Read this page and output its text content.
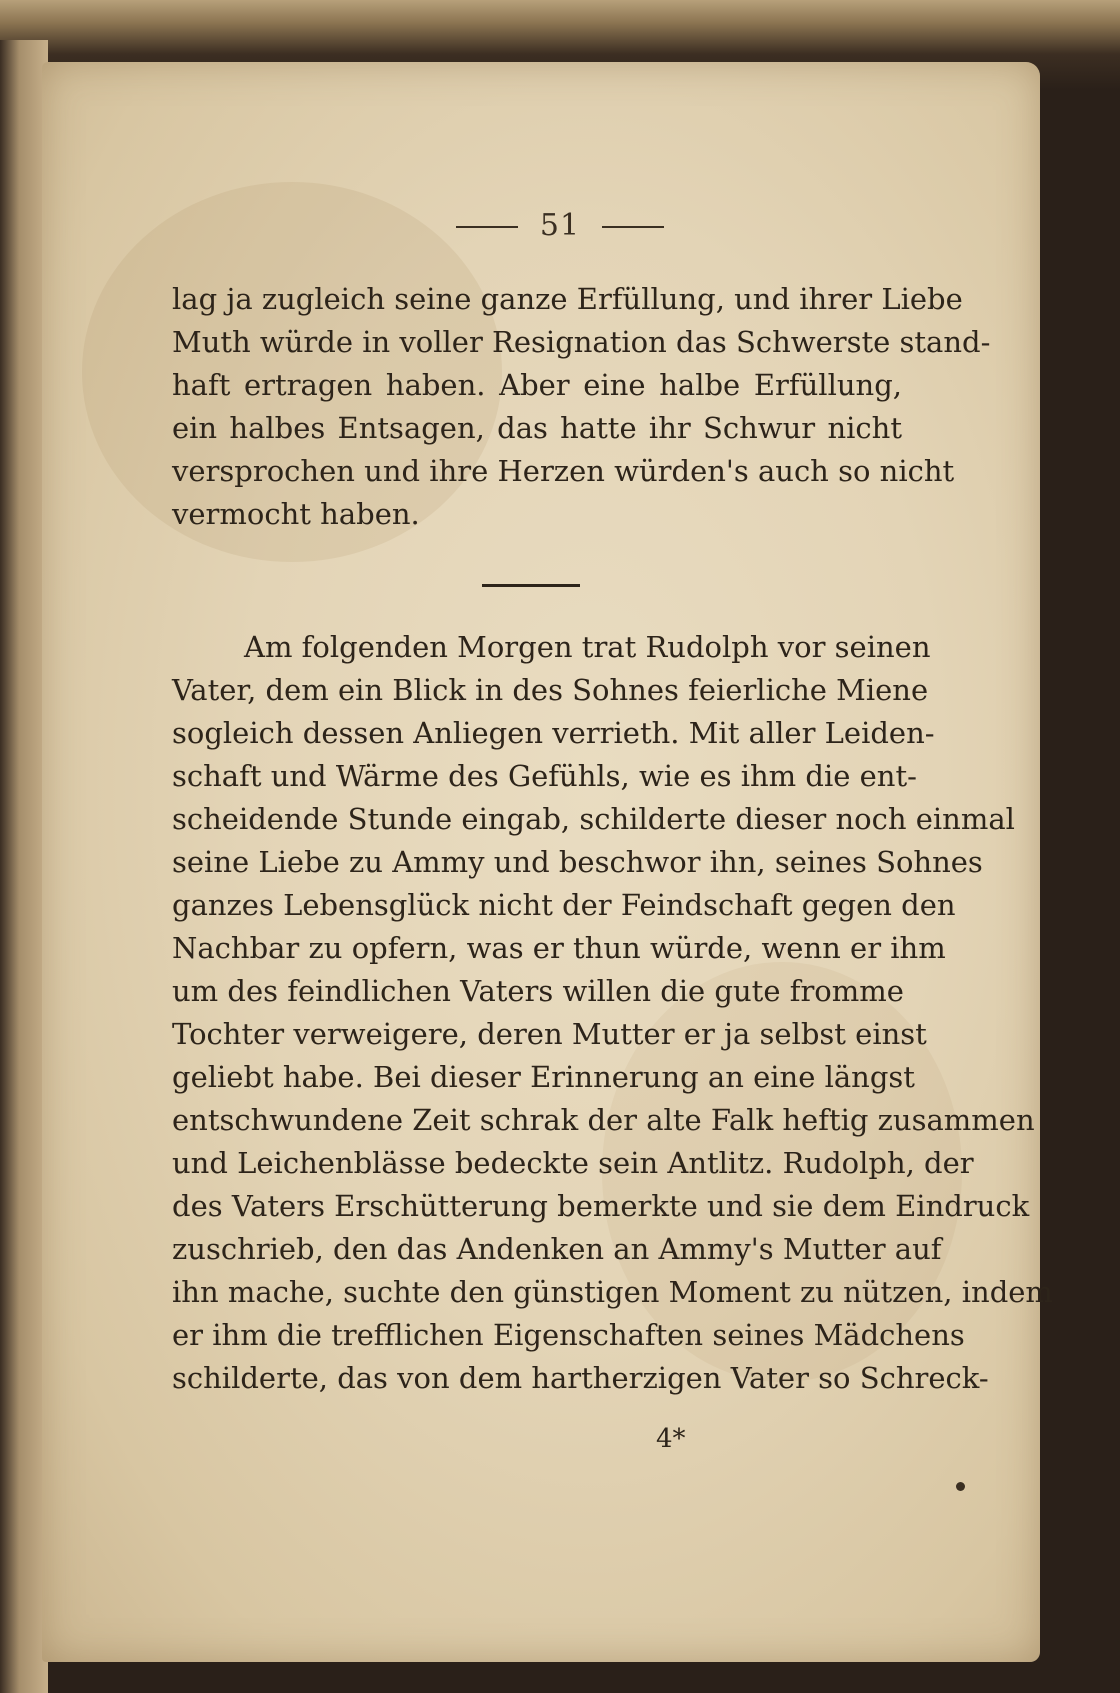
51
lag ja zugleich seine ganze Erfüllung, und ihrer Liebe
Muth würde in voller Resignation das Schwerste stand-
haft ertragen haben. Aber eine halbe Erfüllung,
ein halbes Entsagen, das hatte ihr Schwur nicht
versprochen und ihre Herzen würden's auch so nicht
vermocht haben.
Am folgenden Morgen trat Rudolph vor seinen
Vater, dem ein Blick in des Sohnes feierliche Miene
sogleich dessen Anliegen verrieth. Mit aller Leiden-
schaft und Wärme des Gefühls, wie es ihm die ent-
scheidende Stunde eingab, schilderte dieser noch einmal
seine Liebe zu Ammy und beschwor ihn, seines Sohnes
ganzes Lebensglück nicht der Feindschaft gegen den
Nachbar zu opfern, was er thun würde, wenn er ihm
um des feindlichen Vaters willen die gute fromme
Tochter verweigere, deren Mutter er ja selbst einst
geliebt habe. Bei dieser Erinnerung an eine längst
entschwundene Zeit schrak der alte Falk heftig zusammen
und Leichenblässe bedeckte sein Antlitz. Rudolph, der
des Vaters Erschütterung bemerkte und sie dem Eindruck
zuschrieb, den das Andenken an Ammy's Mutter auf
ihn mache, suchte den günstigen Moment zu nützen, indem
er ihm die trefflichen Eigenschaften seines Mädchens
schilderte, das von dem hartherzigen Vater so Schreck-
4*
